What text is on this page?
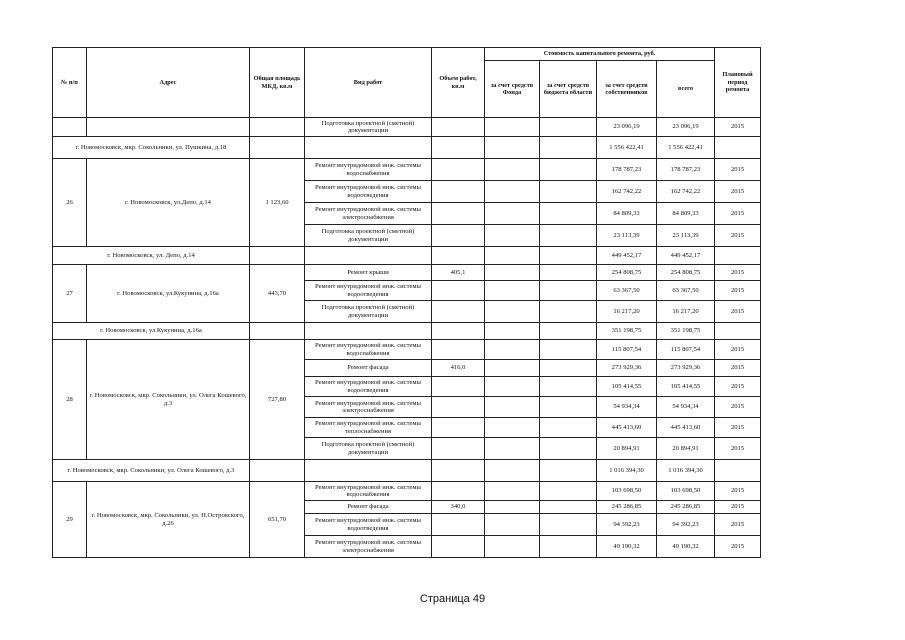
№ п/п	Адрес	Общая площадь МКД, кв.м	Вид работ	Объем работ, кв.м	Стоимость капитального ремонта, руб.				Плановый период ремонта
					за счет средств Фонда	за счет средств бюджета области	за счет средств собственников	всего	
			Подготовка проектной (сметной) документации				23 096,19	23 096,19	2015
г. Новомосковск, мкр. Сокольники, ул. Пушкина, д.18							1 556 422,41	1 556 422,41	
26	г. Новомосковск, ул.Депо, д.14	1 123,60	Ремонт внутридомовой инж. системы водоснабжения				178 787,23	178 787,23	2015
			Ремонт внутридомовой инж. системы водоотведения				162 742,22	162 742,22	2015
			Ремонт внутридомовой инж. системы электроснабжения				84 809,33	84 809,33	2015
			Подготовка проектной (сметной) документации				23 113,39	23 113,39	2015
г. Новомосковск, ул. Депо, д.14							449 452,17	449 452,17	
27	г. Новомосковск, ул.Кукунина, д.16а	443,70	Ремонт крыши	405,1			254 808,75	254 808,75	2015
			Ремонт внутридомовой инж. системы водоотведения				63 367,50	63 367,50	2015
			Подготовка проектной (сметной) документации				16 217,20	16 217,20	2015
г. Новомосковск, ул.Кукунина, д.16а							351 198,75	351 198,75	
28	г. Новомосковск, мкр. Сокольники, ул. Олега Кошевого, д.3	727,80	Ремонт внутридомовой инж. системы водоснабжения				115 807,54	115 807,54	2015
			Ремонт фасада	416,0			273 929,36	273 929,36	2015
			Ремонт внутридомовой инж. системы водоотведения				105 414,55	105 414,55	2015
			Ремонт внутридомовой инж. системы электроснабжения				54 934,34	54 934,34	2015
			Ремонт внутридомовой инж. системы теплоснабжения				445 413,60	445 413,60	2015
			Подготовка проектной (сметной) документации				20 894,91	20 894,91	2015
г. Новомосковск, мкр. Сокольники, ул. Олега Кошевого, д.3							1 016 394,30	1 016 394,30	
29	г. Новомосковск, мкр. Сокольники, ул. Н.Островского, д.26	651,70	Ремонт внутридомовой инж. системы водоснабжения				103 698,50	103 698,50	2015
			Ремонт фасада	340,0			245 286,85	245 286,85	2015
			Ремонт внутридомовой инж. системы водоотведения				94 392,23	94 392,23	2015
			Ремонт внутридомовой инж. системы электроснабжения				49 190,32	49 190,32	2015
Страница 49
